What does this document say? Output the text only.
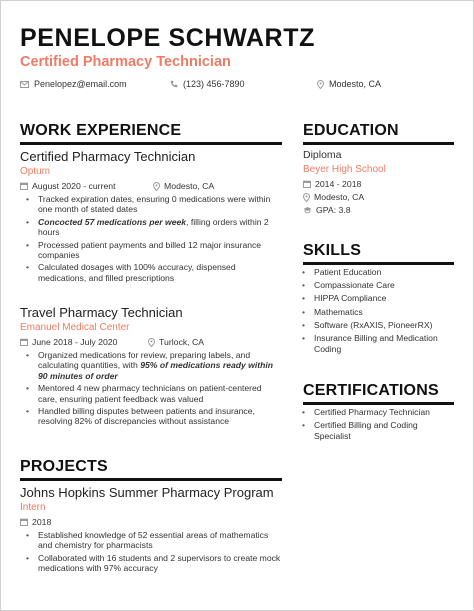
PENELOPE SCHWARTZ
Certified Pharmacy Technician
Penelopez@email.com	(123) 456-7890	Modesto, CA
WORK EXPERIENCE
Certified Pharmacy Technician
Optum
August 2020 - current	Modesto, CA
• Tracked expiration dates, ensuring 0 medications were within one month of stated dates
• Concocted 57 medications per week, filling orders within 2 hours
• Processed patient payments and billed 12 major insurance companies
• Calculated dosages with 100% accuracy, dispensed medications, and filled prescriptions
Travel Pharmacy Technician
Emanuel Medical Center
June 2018 - July 2020	Turlock, CA
• Organized medications for review, preparing labels, and calculating quantities, with 95% of medications ready within 90 minutes of order
• Mentored 4 new pharmacy technicians on patient-centered care, ensuring patient feedback was valued
• Handled billing disputes between patients and insurance, resolving 82% of discrepancies without assistance
PROJECTS
Johns Hopkins Summer Pharmacy Program
Intern
2018
• Established knowledge of 52 essential areas of mathematics and chemistry for pharmacists
• Collaborated with 16 students and 2 supervisors to create mock medications with 97% accuracy
EDUCATION
Diploma
Beyer High School
2014 - 2018
Modesto, CA
GPA: 3.8
SKILLS
• Patient Education
• Compassionate Care
• HIPPA Compliance
• Mathematics
• Software (RxAXIS, PioneerRX)
• Insurance Billing and Medication Coding
CERTIFICATIONS
• Certified Pharmacy Technician
• Certified Billing and Coding Specialist
